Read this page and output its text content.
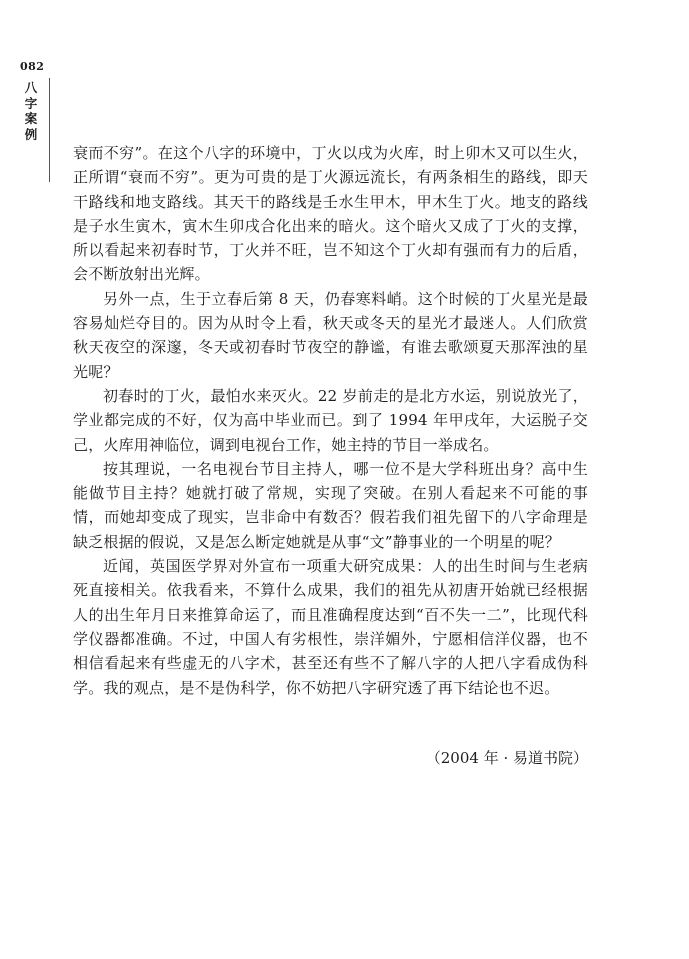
082
八
字
案
例

衰而不穷”。在这个八字的环境中，丁火以戌为火库，时上卯木又可以生火，正所谓“衰而不穷”。更为可贵的是丁火源远流长，有两条相生的路线，即天干路线和地支路线。其天干的路线是壬水生甲木，甲木生丁火。地支的路线是子水生寅木，寅木生卯戌合化出来的暗火。这个暗火又成了丁火的支撑，所以看起来初春时节，丁火并不旺，岂不知这个丁火却有强而有力的后盾，会不断放射出光辉。

另外一点，生于立春后第 8 天，仍春寒料峭。这个时候的丁火星光是最容易灿烂夺目的。因为从时令上看，秋天或冬天的星光才最迷人。人们欣赏秋天夜空的深邃，冬天或初春时节夜空的静谧，有谁去歌颂夏天那浑浊的星光呢？

初春时的丁火，最怕水来灭火。22 岁前走的是北方水运，别说放光了，学业都完成的不好，仅为高中毕业而已。到了 1994 年甲戌年，大运脱子交己，火库用神临位，调到电视台工作，她主持的节目一举成名。

按其理说，一名电视台节目主持人，哪一位不是大学科班出身？高中生能做节目主持？她就打破了常规，实现了突破。在别人看起来不可能的事情，而她却变成了现实，岂非命中有数否？假若我们祖先留下的八字命理是缺乏根据的假说，又是怎么断定她就是从事“文”静事业的一个明星的呢？

近闻，英国医学界对外宣布一项重大研究成果：人的出生时间与生老病死直接相关。依我看来，不算什么成果，我们的祖先从初唐开始就已经根据人的出生年月日来推算命运了，而且准确程度达到“百不失一二”，比现代科学仪器都准确。不过，中国人有劣根性，崇洋媚外，宁愿相信洋仪器，也不相信看起来有些虚无的八字术，甚至还有些不了解八字的人把八字看成伪科学。我的观点，是不是伪科学，你不妨把八字研究透了再下结论也不迟。

（2004 年 · 易道书院）
